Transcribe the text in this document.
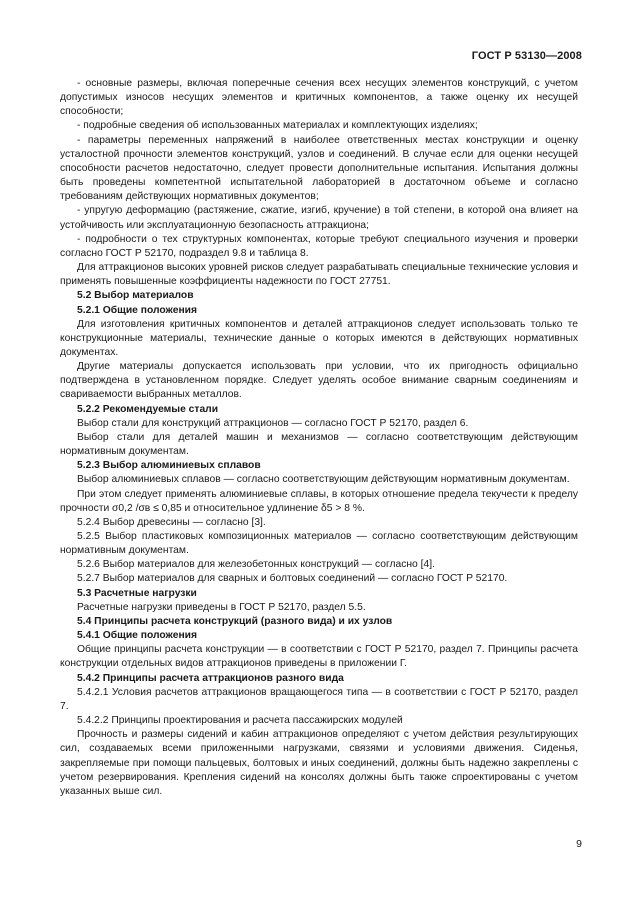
ГОСТ Р 53130—2008

- основные размеры, включая поперечные сечения всех несущих элементов конструкций, с учетом допустимых износов несущих элементов и критичных компонентов, а также оценку их несущей способности;

- подробные сведения об использованных материалах и комплектующих изделиях;

- параметры переменных напряжений в наиболее ответственных местах конструкции и оценку усталостной прочности элементов конструкций, узлов и соединений. В случае если для оценки несущей способности расчетов недостаточно, следует провести дополнительные испытания. Испытания должны быть проведены компетентной испытательной лабораторией в достаточном объеме и согласно требованиям действующих нормативных документов;

- упругую деформацию (растяжение, сжатие, изгиб, кручение) в той степени, в которой она влияет на устойчивость или эксплуатационную безопасность аттракциона;

- подробности о тех структурных компонентах, которые требуют специального изучения и проверки согласно ГОСТ Р 52170, подраздел 9.8 и таблица 8.

Для аттракционов высоких уровней рисков следует разрабатывать специальные технические условия и применять повышенные коэффициенты надежности по ГОСТ 27751.

5.2 Выбор материалов

5.2.1 Общие положения

Для изготовления критичных компонентов и деталей аттракционов следует использовать только те конструкционные материалы, технические данные о которых имеются в действующих нормативных документах.

Другие материалы допускается использовать при условии, что их пригодность официально подтверждена в установленном порядке. Следует уделять особое внимание сварным соединениям и свариваемости выбранных металлов.

5.2.2 Рекомендуемые стали

Выбор стали для конструкций аттракционов — согласно ГОСТ Р 52170, раздел 6.

Выбор стали для деталей машин и механизмов — согласно соответствующим действующим нормативным документам.

5.2.3 Выбор алюминиевых сплавов

Выбор алюминиевых сплавов — согласно соответствующим действующим нормативным документам.

При этом следует применять алюминиевые сплавы, в которых отношение предела текучести к пределу прочности σ0,2 /σв ≤ 0,85 и относительное удлинение δ5 > 8 %.

5.2.4 Выбор древесины — согласно [3].

5.2.5 Выбор пластиковых композиционных материалов — согласно соответствующим действующим нормативным документам.

5.2.6 Выбор материалов для железобетонных конструкций — согласно [4].

5.2.7 Выбор материалов для сварных и болтовых соединений — согласно ГОСТ Р 52170.

5.3 Расчетные нагрузки

Расчетные нагрузки приведены в ГОСТ Р 52170, раздел 5.5.

5.4 Принципы расчета конструкций (разного вида) и их узлов

5.4.1 Общие положения

Общие принципы расчета конструкции — в соответствии с ГОСТ Р 52170, раздел 7. Принципы расчета конструкции отдельных видов аттракционов приведены в приложении Г.

5.4.2 Принципы расчета аттракционов разного вида

5.4.2.1 Условия расчетов аттракционов вращающегося типа — в соответствии с ГОСТ Р 52170, раздел 7.

5.4.2.2 Принципы проектирования и расчета пассажирских модулей

Прочность и размеры сидений и кабин аттракционов определяют с учетом действия результирующих сил, создаваемых всеми приложенными нагрузками, связями и условиями движения. Сиденья, закрепляемые при помощи пальцевых, болтовых и иных соединений, должны быть надежно закреплены с учетом резервирования. Крепления сидений на консолях должны быть также спроектированы с учетом указанных выше сил.

9
